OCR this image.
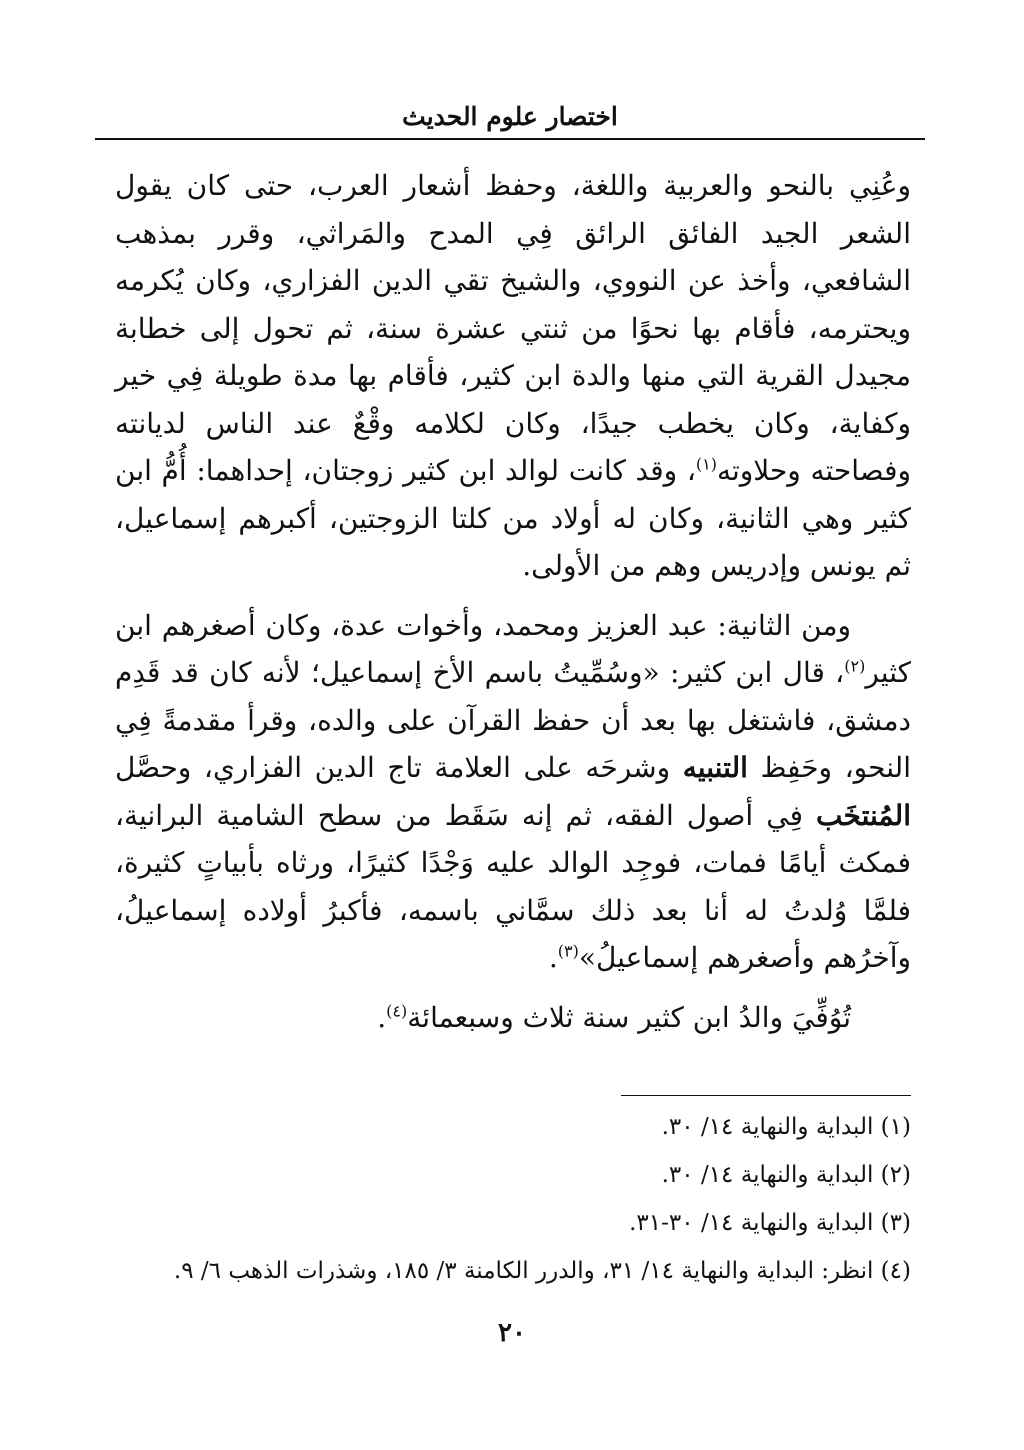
اختصار علوم الحديث

وعُنِي بالنحو والعربية واللغة، وحفظ أشعار العرب، حتى كان يقول الشعر الجيد الفائق الرائق فِي المدح والمَراثي، وقرر بمذهب الشافعي، وأخذ عن النووي، والشيخ تقي الدين الفزاري، وكان يُكرمه ويحترمه، فأقام بها نحوًا من ثنتي عشرة سنة، ثم تحول إلى خطابة مجيدل القرية التي منها والدة ابن كثير، فأقام بها مدة طويلة فِي خير وكفاية، وكان يخطب جيدًا، وكان لكلامه وقْعٌ عند الناس لديانته وفصاحته وحلاوته$^{(١)}$، وقد كانت لوالد ابن كثير زوجتان، إحداهما: أُمُّ ابن كثير وهي الثانية، وكان له أولاد من كلتا الزوجتين، أكبرهم إسماعيل، ثم يونس وإدريس وهم من الأولى.

ومن الثانية: عبد العزيز ومحمد، وأخوات عدة، وكان أصغرهم ابن كثير$^{(٢)}$، قال ابن كثير: «وسُمِّيتُ باسم الأخ إسماعيل؛ لأنه كان قد قَدِم دمشق، فاشتغل بها بعد أن حفظ القرآن على والده، وقرأ مقدمةً فِي النحو، وحَفِظ التنبيه وشرحَه على العلامة تاج الدين الفزاري، وحصَّل المُنتخَب فِي أصول الفقه، ثم إنه سَقَط من سطح الشامية البرانية، فمكث أيامًا فمات، فوجِد الوالد عليه وَجْدًا كثيرًا، ورثاه بأبياتٍ كثيرة، فلمَّا وُلدتُ له أنا بعد ذلك سمَّاني باسمه، فأكبرُ أولاده إسماعيلُ، وآخرُهم وأصغرهم إسماعيلُ»$^{(٣)}$.

تُوُفِّيَ والدُ ابن كثير سنة ثلاث وسبعمائة$^{(٤)}$.

(١) البداية والنهاية ١٤/ ٣٠.

(٢) البداية والنهاية ١٤/ ٣٠.

(٣) البداية والنهاية ١٤/ ٣٠-٣١.

(٤) انظر: البداية والنهاية ١٤/ ٣١، والدرر الكامنة ٣/ ١٨٥، وشذرات الذهب ٦/ ٩.

٢٠
